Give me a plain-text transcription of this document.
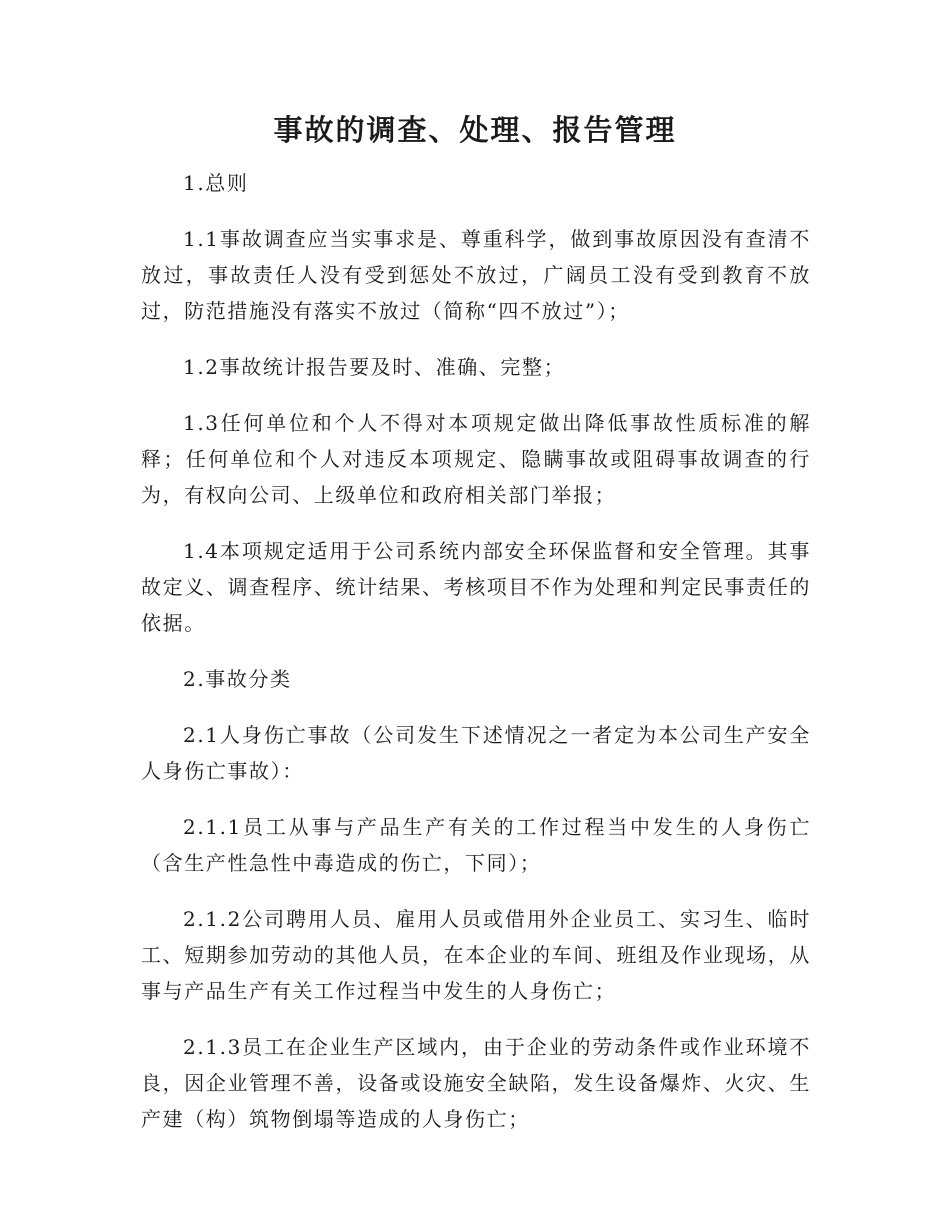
事故的调查、处理、报告管理

1.总则

1.1事故调查应当实事求是、尊重科学，做到事故原因没有查清不放过，事故责任人没有受到惩处不放过，广阔员工没有受到教育不放过，防范措施没有落实不放过（简称“四不放过”）；

1.2事故统计报告要及时、准确、完整；

1.3任何单位和个人不得对本项规定做出降低事故性质标准的解释；任何单位和个人对违反本项规定、隐瞒事故或阻碍事故调查的行为，有权向公司、上级单位和政府相关部门举报；

1.4本项规定适用于公司系统内部安全环保监督和安全管理。其事故定义、调查程序、统计结果、考核项目不作为处理和判定民事责任的依据。

2.事故分类

2.1人身伤亡事故（公司发生下述情况之一者定为本公司生产安全人身伤亡事故）：

2.1.1员工从事与产品生产有关的工作过程当中发生的人身伤亡（含生产性急性中毒造成的伤亡，下同）；

2.1.2公司聘用人员、雇用人员或借用外企业员工、实习生、临时工、短期参加劳动的其他人员，在本企业的车间、班组及作业现场，从事与产品生产有关工作过程当中发生的人身伤亡；

2.1.3员工在企业生产区域内，由于企业的劳动条件或作业环境不良，因企业管理不善，设备或设施安全缺陷，发生设备爆炸、火灾、生产建（构）筑物倒塌等造成的人身伤亡；
